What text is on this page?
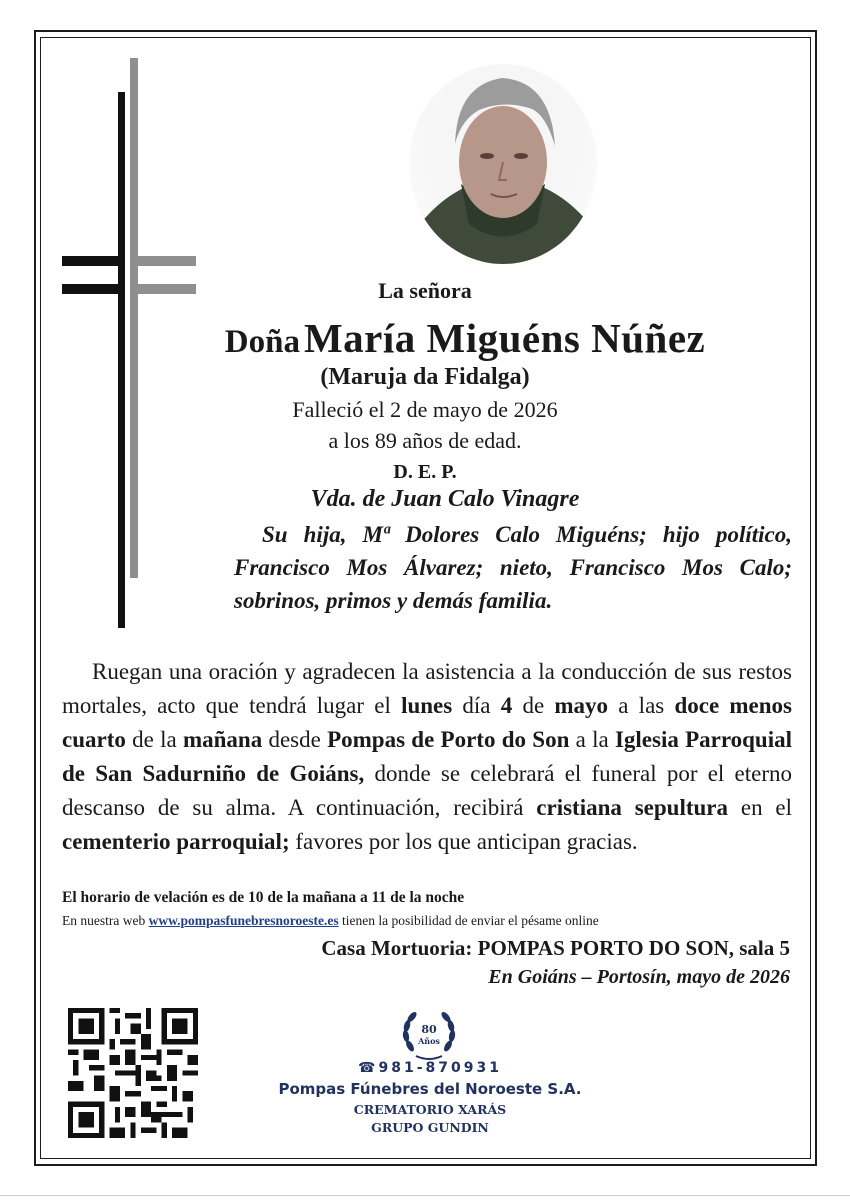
La señora
Doña María Miguéns Núñez
(Maruja da Fidalga)
Falleció el 2 de mayo de 2026
a los 89 años de edad.
D. E. P.
Vda. de Juan Calo Vinagre
Su hija, Mª Dolores Calo Miguéns; hijo político, Francisco Mos Álvarez; nieto, Francisco Mos Calo; sobrinos, primos y demás familia.
Ruegan una oración y agradecen la asistencia a la conducción de sus restos mortales, acto que tendrá lugar el lunes día 4 de mayo a las doce menos cuarto de la mañana desde Pompas de Porto do Son a la Iglesia Parroquial de San Sadurniño de Goiáns, donde se celebrará el funeral por el eterno descanso de su alma. A continuación, recibirá cristiana sepultura en el cementerio parroquial; favores por los que anticipan gracias.
El horario de velación es de 10 de la mañana a 11 de la noche
En nuestra web www.pompasfunebresnoroeste.es tienen la posibilidad de enviar el pésame online
Casa Mortuoria: POMPAS PORTO DO SON, sala 5
En Goiáns – Portosín, mayo de 2026
80
Años
☎981-870931
Pompas Fúnebres del Noroeste S.A.
CREMATORIO XARÁS
GRUPO GUNDIN
